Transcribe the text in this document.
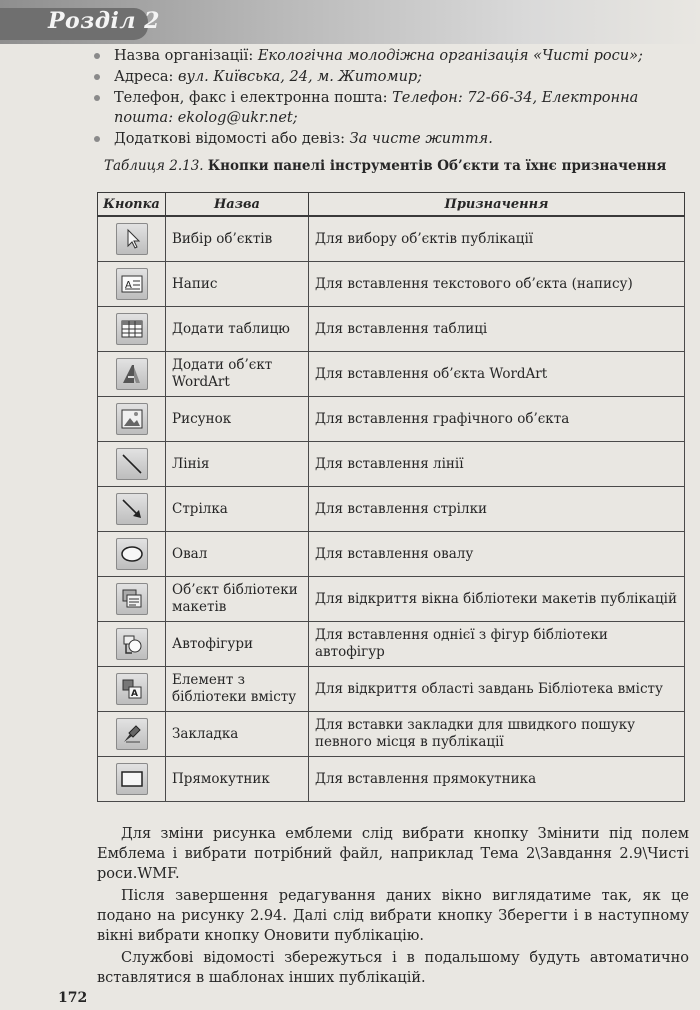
Розділ 2
Назва організації: Екологічна молодіжна організація «Чисті роси»;
Адреса: вул. Київська, 24, м. Житомир;
Телефон, факс і електронна пошта: Телефон: 72-66-34, Електронна пошта: ekolog@ukr.net;
Додаткові відомості або девіз: За чисте життя.
Таблиця 2.13. Кнопки панелі інструментів Об’єкти та їхнє призначення
Кнопка	Назва	Призначення

	Вибір об’єктів	Для вибору об’єктів публікації

A	Напис	Для вставлення текстового об’єкта (напису)

	Додати таблицю	Для вставлення таблиці

	Додати об’єкт WordArt	Для вставлення об’єкта WordArt

	Рисунок	Для вставлення графічного об’єкта

	Лінія	Для вставлення лінії

	Стрілка	Для вставлення стрілки

	Овал	Для вставлення овалу

	Об’єкт бібліотеки макетів	Для відкриття вікна бібліотеки макетів публікацій

	Автофігури	Для вставлення однієї з фігур бібліотеки автофігур

A	Елемент з бібліотеки вмісту	Для відкриття області завдань Бібліотека вмісту

	Закладка	Для вставки закладки для швидкого пошуку певного місця в публікації

	Прямокутник	Для вставлення прямокутника

Для зміни рисунка емблеми слід вибрати кнопку Змінити під полем Емблема і вибрати потрібний файл, наприклад Тема 2\Завдання 2.9\Чисті роси.WMF.

Після завершення редагування даних вікно виглядатиме так, як це подано на рисунку 2.94. Далі слід вибрати кнопку Зберегти і в наступному вікні вибрати кнопку Оновити публікацію.

Службові відомості збережуться і в подальшому будуть автоматично вставлятися в шаблонах інших публікацій.

172
